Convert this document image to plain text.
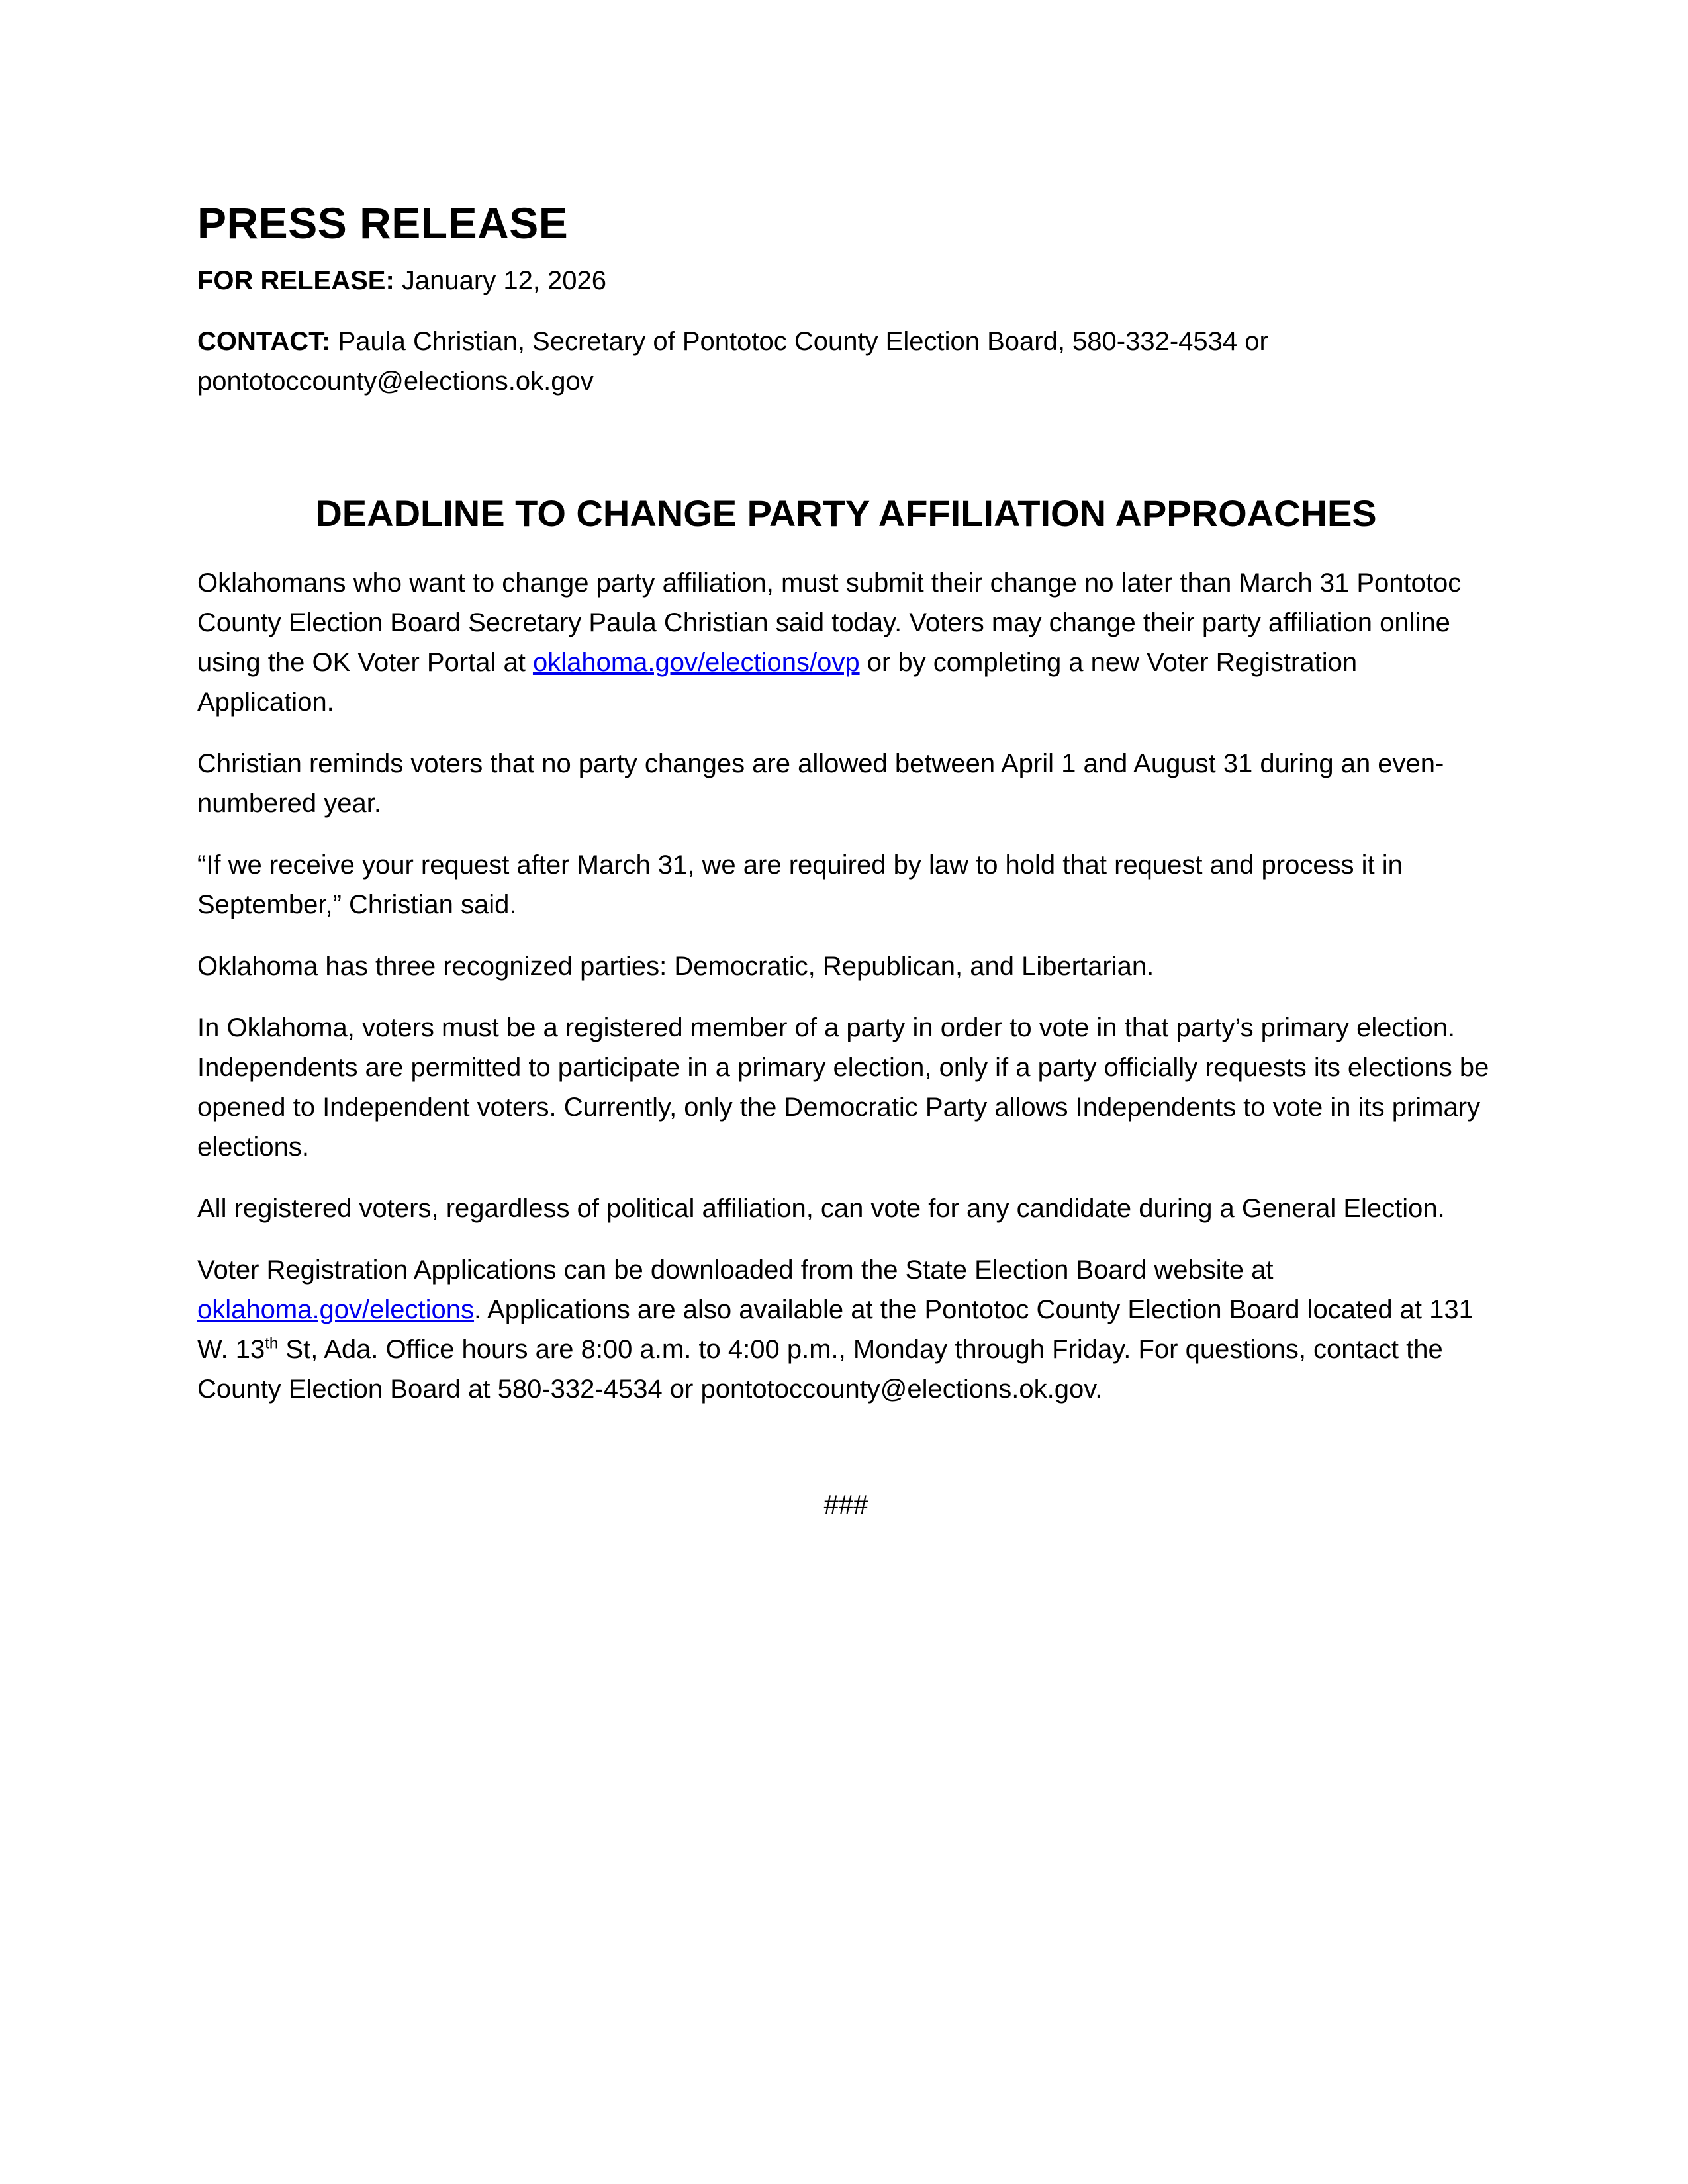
PRESS RELEASE

FOR RELEASE: January 12, 2026

CONTACT: Paula Christian, Secretary of Pontotoc County Election Board, 580-332-4534 or pontotoccounty@elections.ok.gov

DEADLINE TO CHANGE PARTY AFFILIATION APPROACHES

Oklahomans who want to change party affiliation, must submit their change no later than March 31 Pontotoc County Election Board Secretary Paula Christian said today. Voters may change their party affiliation online using the OK Voter Portal at oklahoma.gov/elections/ovp or by completing a new Voter Registration Application.

Christian reminds voters that no party changes are allowed between April 1 and August 31 during an even-numbered year.

“If we receive your request after March 31, we are required by law to hold that request and process it in September,” Christian said.

Oklahoma has three recognized parties: Democratic, Republican, and Libertarian.

In Oklahoma, voters must be a registered member of a party in order to vote in that party’s primary election. Independents are permitted to participate in a primary election, only if a party officially requests its elections be opened to Independent voters. Currently, only the Democratic Party allows Independents to vote in its primary elections.

All registered voters, regardless of political affiliation, can vote for any candidate during a General Election.

Voter Registration Applications can be downloaded from the State Election Board website at oklahoma.gov/elections. Applications are also available at the Pontotoc County Election Board located at 131 W. 13th St, Ada. Office hours are 8:00 a.m. to 4:00 p.m., Monday through Friday. For questions, contact the County Election Board at 580-332-4534 or pontotoccounty@elections.ok.gov.

###
